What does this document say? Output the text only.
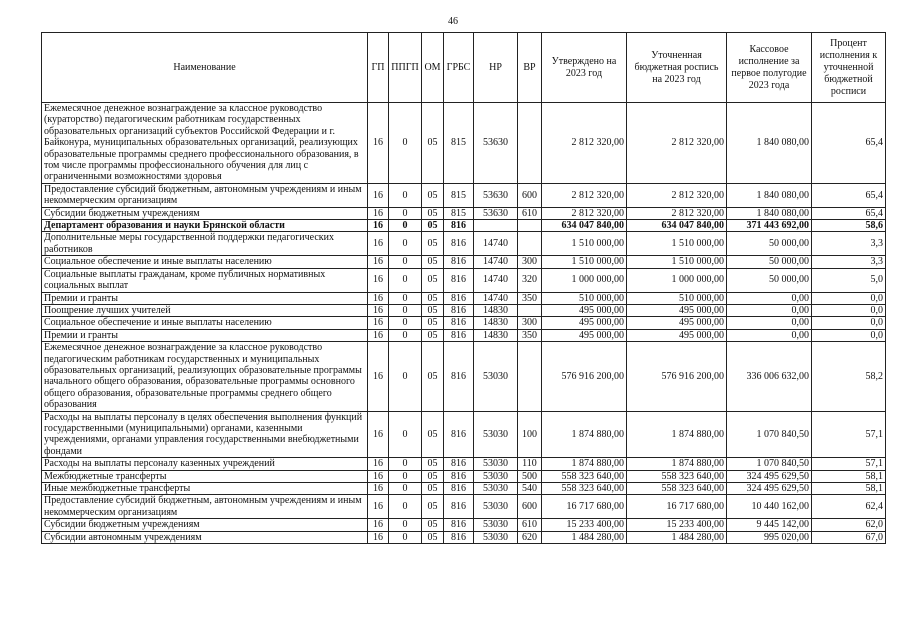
46
Наименование	ГП	ППГП	ОМ	ГРБС	НР	ВР	Утверждено на 2023 год	Уточненная бюджетная роспись на 2023 год	Кассовое исполнение за первое полугодие 2023 года	Процент исполнения к уточненной бюджетной росписи
Ежемесячное денежное вознаграждение за классное руководство (кураторство) педагогическим работникам государственных образовательных организаций субъектов Российской Федерации и г. Байконура, муниципальных образовательных организаций, реализующих образовательные программы среднего профессионального образования, в том числе программы профессионального обучения для лиц с ограниченными возможностями здоровья	16	0	05	815	53630		2 812 320,00	2 812 320,00	1 840 080,00	65,4
Предоставление субсидий бюджетным, автономным учреждениям и иным некоммерческим организациям	16	0	05	815	53630	600	2 812 320,00	2 812 320,00	1 840 080,00	65,4
Субсидии бюджетным учреждениям	16	0	05	815	53630	610	2 812 320,00	2 812 320,00	1 840 080,00	65,4
Департамент образования и науки Брянской области	16	0	05	816			634 047 840,00	634 047 840,00	371 443 692,00	58,6
Дополнительные меры государственной поддержки педагогических работников	16	0	05	816	14740		1 510 000,00	1 510 000,00	50 000,00	3,3
Социальное обеспечение и иные выплаты населению	16	0	05	816	14740	300	1 510 000,00	1 510 000,00	50 000,00	3,3
Социальные выплаты гражданам, кроме публичных нормативных социальных выплат	16	0	05	816	14740	320	1 000 000,00	1 000 000,00	50 000,00	5,0
Премии и гранты	16	0	05	816	14740	350	510 000,00	510 000,00	0,00	0,0
Поощрение лучших учителей	16	0	05	816	14830		495 000,00	495 000,00	0,00	0,0
Социальное обеспечение и иные выплаты населению	16	0	05	816	14830	300	495 000,00	495 000,00	0,00	0,0
Премии и гранты	16	0	05	816	14830	350	495 000,00	495 000,00	0,00	0,0
Ежемесячное денежное вознаграждение за классное руководство педагогическим работникам государственных и муниципальных образовательных организаций, реализующих образовательные программы начального общего образования, образовательные программы основного общего образования, образовательные программы среднего общего образования	16	0	05	816	53030		576 916 200,00	576 916 200,00	336 006 632,00	58,2
Расходы на выплаты персоналу в целях обеспечения выполнения функций государственными (муниципальными) органами, казенными учреждениями, органами управления государственными внебюджетными фондами	16	0	05	816	53030	100	1 874 880,00	1 874 880,00	1 070 840,50	57,1
Расходы на выплаты персоналу казенных учреждений	16	0	05	816	53030	110	1 874 880,00	1 874 880,00	1 070 840,50	57,1
Межбюджетные трансферты	16	0	05	816	53030	500	558 323 640,00	558 323 640,00	324 495 629,50	58,1
Иные межбюджетные трансферты	16	0	05	816	53030	540	558 323 640,00	558 323 640,00	324 495 629,50	58,1
Предоставление субсидий бюджетным, автономным учреждениям и иным некоммерческим организациям	16	0	05	816	53030	600	16 717 680,00	16 717 680,00	10 440 162,00	62,4
Субсидии бюджетным учреждениям	16	0	05	816	53030	610	15 233 400,00	15 233 400,00	9 445 142,00	62,0
Субсидии автономным учреждениям	16	0	05	816	53030	620	1 484 280,00	1 484 280,00	995 020,00	67,0
